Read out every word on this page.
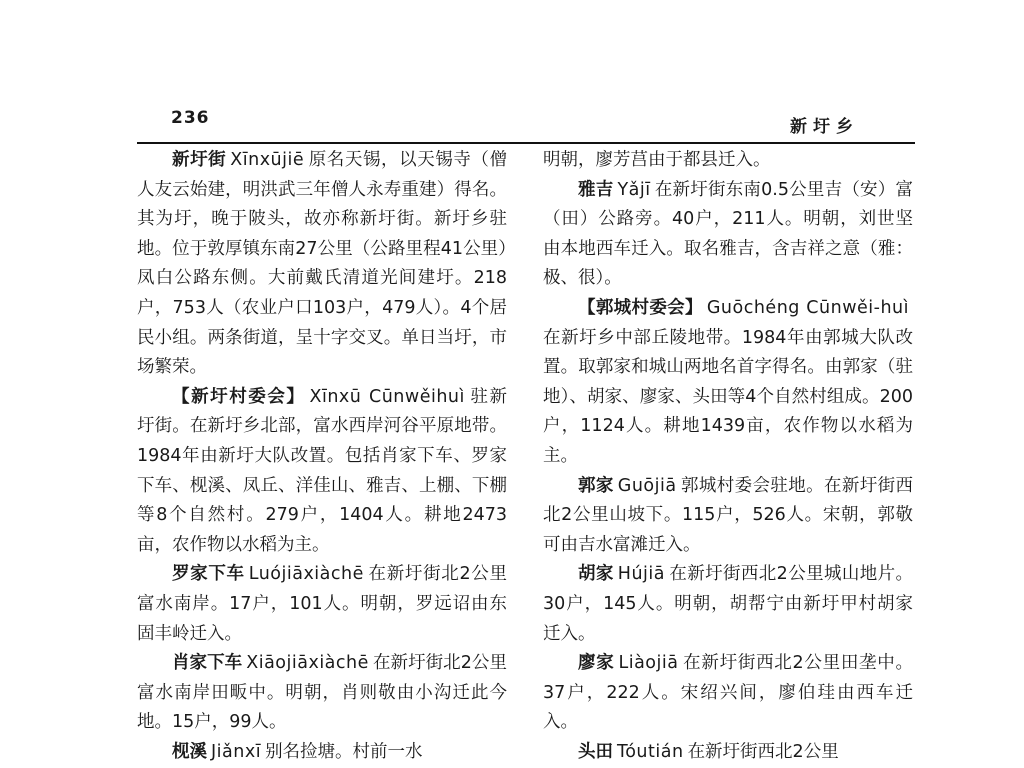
236	新圩乡

新圩街 Xīnxūjiē 原名天锡，以天锡寺（僧人友云始建，明洪武三年僧人永寿重建）得名。其为圩，晚于陂头，故亦称新圩街。新圩乡驻地。位于敦厚镇东南27公里（公路里程41公里）凤白公路东侧。大前戴氏清道光间建圩。218户，753人（农业户口103户，479人）。4个居民小组。两条街道，呈十字交叉。单日当圩，市场繁荣。

【新圩村委会】 Xīnxū Cūnwěihuì 驻新圩街。在新圩乡北部，富水西岸河谷平原地带。1984年由新圩大队改置。包括肖家下车、罗家下车、枧溪、凤丘、洋佳山、雅吉、上棚、下棚等8个自然村。279户，1404人。耕地2473亩，农作物以水稻为主。

罗家下车 Luójiāxiàchē 在新圩街北2公里富水南岸。17户，101人。明朝，罗远诏由东固丰岭迁入。

肖家下车 Xiāojiāxiàchē 在新圩街北2公里富水南岸田畈中。明朝，肖则敬由小沟迁此今地。15户，99人。

枧溪 Jiǎnxī 别名捡塘。村前一水

明朝，廖芳莒由于都县迁入。

雅吉 Yǎjī 在新圩街东南0.5公里吉（安）富（田）公路旁。40户，211人。明朝，刘世坚由本地西车迁入。取名雅吉，含吉祥之意（雅：极、很）。

【郭城村委会】 Guōchéng Cūnwěi-huì在新圩乡中部丘陵地带。1984年由郭城大队改置。取郭家和城山两地名首字得名。由郭家（驻地）、胡家、廖家、头田等4个自然村组成。200户，1124人。耕地1439亩，农作物以水稻为主。

郭家 Guōjiā 郭城村委会驻地。在新圩街西北2公里山坡下。115户，526人。宋朝，郭敬可由吉水富滩迁入。

胡家 Hújiā 在新圩街西北2公里城山地片。30户，145人。明朝，胡帮宁由新圩甲村胡家迁入。

廖家 Liàojiā 在新圩街西北2公里田垄中。37户，222人。宋绍兴间，廖伯珪由西车迁入。

头田 Tóutián 在新圩街西北2公里
